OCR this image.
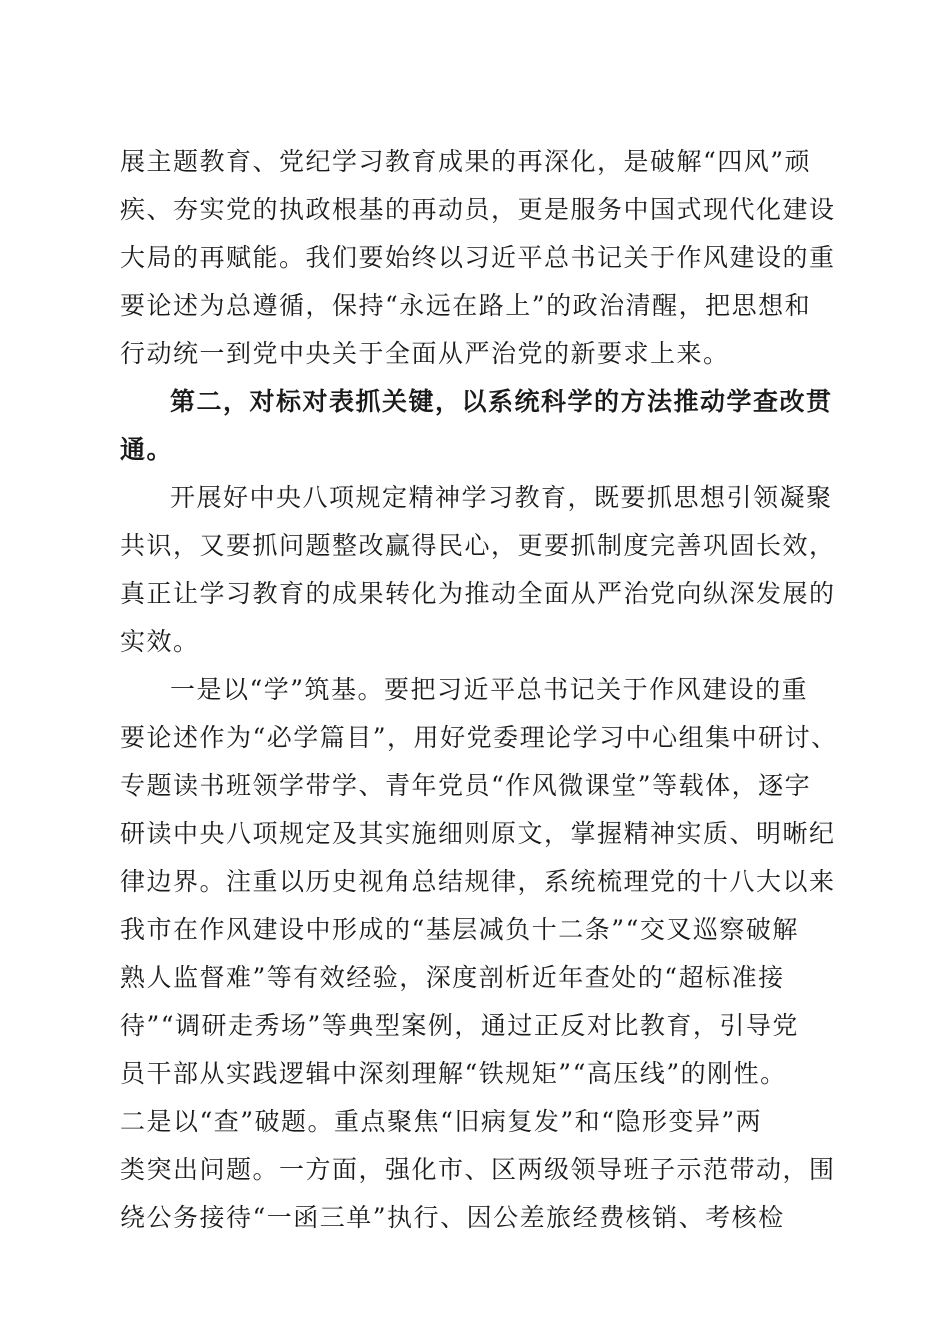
展主题教育、党纪学习教育成果的再深化，是破解“四风”顽
疾、夯实党的执政根基的再动员，更是服务中国式现代化建设
大局的再赋能。我们要始终以习近平总书记关于作风建设的重
要论述为总遵循，保持“永远在路上”的政治清醒，把思想和
行动统一到党中央关于全面从严治党的新要求上来。
第二，对标对表抓关键，以系统科学的方法推动学查改贯
通。
开展好中央八项规定精神学习教育，既要抓思想引领凝聚
共识，又要抓问题整改赢得民心，更要抓制度完善巩固长效，
真正让学习教育的成果转化为推动全面从严治党向纵深发展的
实效。
一是以“学”筑基。要把习近平总书记关于作风建设的重
要论述作为“必学篇目”，用好党委理论学习中心组集中研讨、
专题读书班领学带学、青年党员“作风微课堂”等载体，逐字
研读中央八项规定及其实施细则原文，掌握精神实质、明晰纪
律边界。注重以历史视角总结规律，系统梳理党的十八大以来
我市在作风建设中形成的“基层减负十二条”“交叉巡察破解
熟人监督难”等有效经验，深度剖析近年查处的“超标准接
待”“调研走秀场”等典型案例，通过正反对比教育，引导党
员干部从实践逻辑中深刻理解“铁规矩”“高压线”的刚性。
二是以“查”破题。重点聚焦“旧病复发”和“隐形变异”两
类突出问题。一方面，强化市、区两级领导班子示范带动，围
绕公务接待“一函三单”执行、因公差旅经费核销、考核检
